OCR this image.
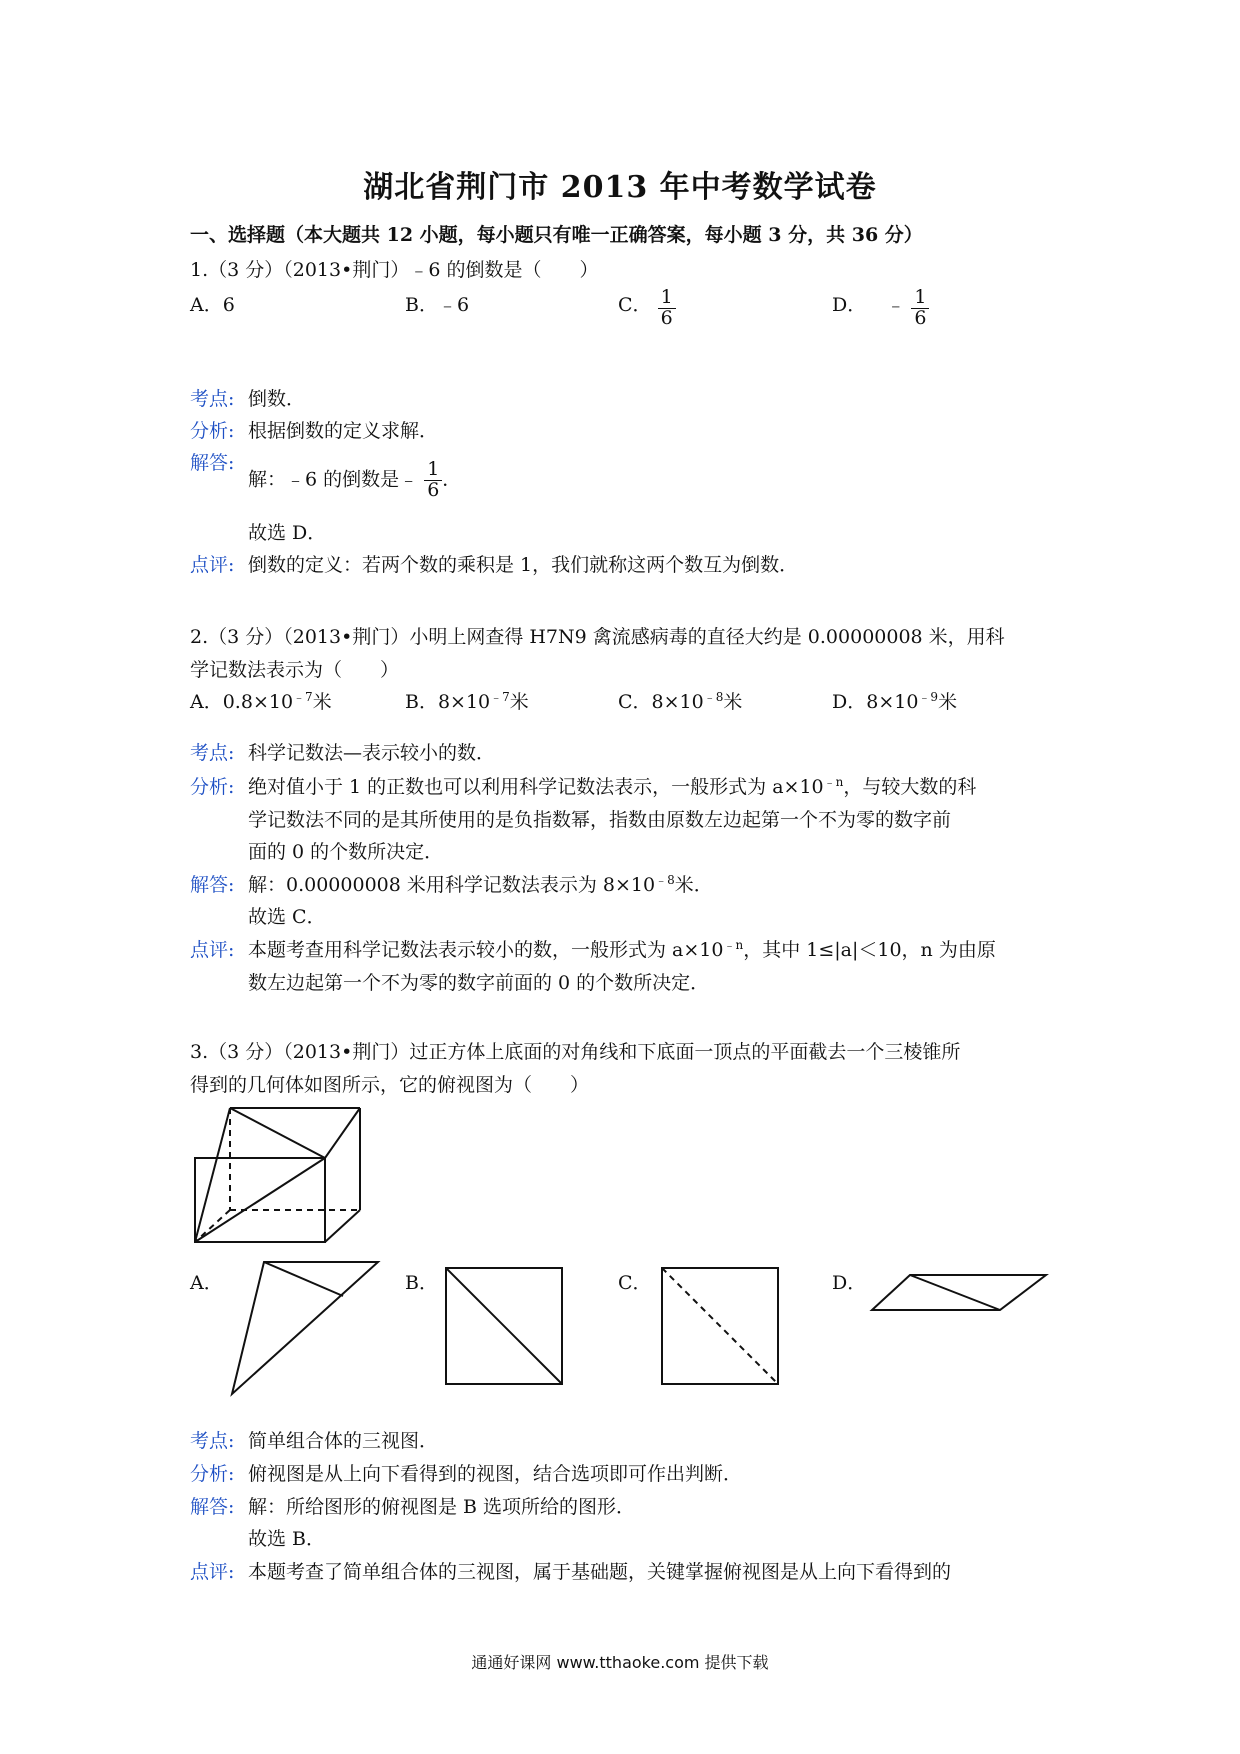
湖北省荆门市 2013 年中考数学试卷
一、选择题（本大题共 12 小题，每小题只有唯一正确答案，每小题 3 分，共 36 分）
1.（3 分）（2013•荆门）﹣6 的倒数是（　　）
A．6	B．﹣6	C． $\frac{1}{6}$	D． ﹣ $\frac{1}{6}$
考点: 倒数．
分析: 根据倒数的定义求解．
解答:
解：﹣6 的倒数是﹣ $\frac{1}{6}$ ．
故选 D．
点评: 倒数的定义：若两个数的乘积是 1，我们就称这两个数互为倒数．
2.（3 分）（2013•荆门）小明上网查得 H7N9 禽流感病毒的直径大约是 0.00000008 米，用科
学记数法表示为（　　）
A．$0.8\times 10^{﹣7}$米	B．$8\times 10^{﹣7}$米	C．$8\times 10^{﹣8}$米	D．$8\times 10^{﹣9}$米
考点: 科学记数法—表示较小的数．
分析: 绝对值小于 1 的正数也可以利用科学记数法表示，一般形式为 $a\times 10^{﹣n}$，与较大数的科
学记数法不同的是其所使用的是负指数幂，指数由原数左边起第一个不为零的数字前
面的 0 的个数所决定．
解答: 解：0.00000008 米用科学记数法表示为 $8\times 10^{﹣8}$米．
故选 C．
点评: 本题考查用科学记数法表示较小的数，一般形式为 $a\times 10^{﹣n}$，其中 1≤|a|＜10，n 为由原
数左边起第一个不为零的数字前面的 0 的个数所决定．
3.（3 分）（2013•荆门）过正方体上底面的对角线和下底面一顶点的平面截去一个三棱锥所
得到的几何体如图所示，它的俯视图为（　　）
A．	B．	C．	D．
考点: 简单组合体的三视图．
分析: 俯视图是从上向下看得到的视图，结合选项即可作出判断．
解答: 解：所给图形的俯视图是 B 选项所给的图形．
故选 B．
点评: 本题考查了简单组合体的三视图，属于基础题，关键掌握俯视图是从上向下看得到的
通通好课网 www.tthaoke.com 提供下载
